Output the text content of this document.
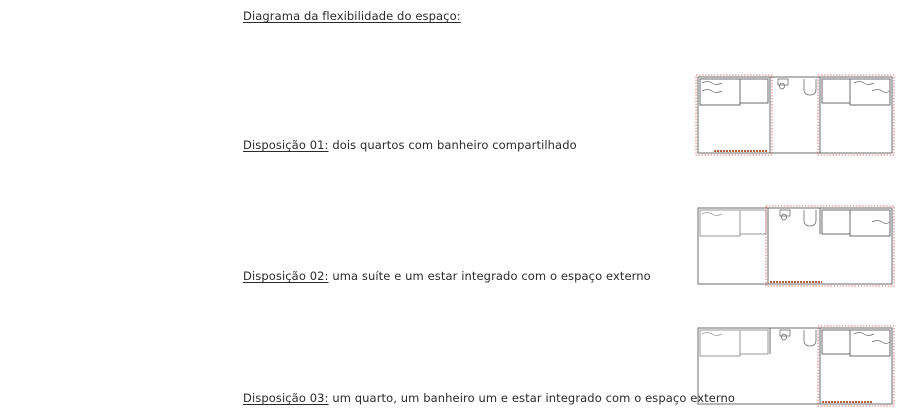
Diagrama da flexibilidade do espaço:
Disposição 01: dois quartos com banheiro compartilhado
Disposição 02: uma suíte e um estar integrado com o espaço externo
Disposição 03: um quarto, um banheiro um e estar integrado com o espaço externo
